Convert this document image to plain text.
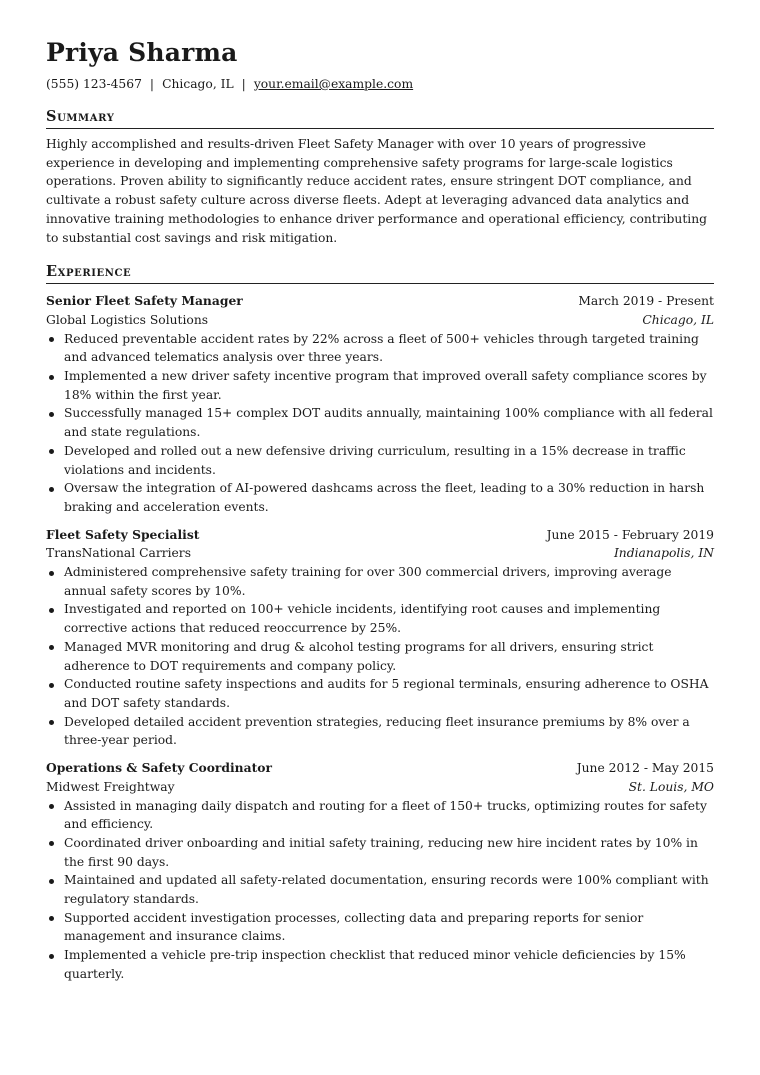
Priya Sharma
(555) 123-4567 | Chicago, IL | your.email@example.com
Summary

Highly accomplished and results-driven Fleet Safety Manager with over 10 years of progressive experience in developing and implementing comprehensive safety programs for large-scale logistics operations. Proven ability to significantly reduce accident rates, ensure stringent DOT compliance, and cultivate a robust safety culture across diverse fleets. Adept at leveraging advanced data analytics and innovative training methodologies to enhance driver performance and operational efficiency, contributing to substantial cost savings and risk mitigation.

Experience
Senior Fleet Safety Manager	March 2019 - Present
Global Logistics Solutions	Chicago, IL
Reduced preventable accident rates by 22% across a fleet of 500+ vehicles through targeted training and advanced telematics analysis over three years.
Implemented a new driver safety incentive program that improved overall safety compliance scores by 18% within the first year.
Successfully managed 15+ complex DOT audits annually, maintaining 100% compliance with all federal and state regulations.
Developed and rolled out a new defensive driving curriculum, resulting in a 15% decrease in traffic violations and incidents.
Oversaw the integration of AI-powered dashcams across the fleet, leading to a 30% reduction in harsh braking and acceleration events.
Fleet Safety Specialist	June 2015 - February 2019
TransNational Carriers	Indianapolis, IN
Administered comprehensive safety training for over 300 commercial drivers, improving average annual safety scores by 10%.
Investigated and reported on 100+ vehicle incidents, identifying root causes and implementing corrective actions that reduced reoccurrence by 25%.
Managed MVR monitoring and drug & alcohol testing programs for all drivers, ensuring strict adherence to DOT requirements and company policy.
Conducted routine safety inspections and audits for 5 regional terminals, ensuring adherence to OSHA and DOT safety standards.
Developed detailed accident prevention strategies, reducing fleet insurance premiums by 8% over a three-year period.
Operations & Safety Coordinator	June 2012 - May 2015
Midwest Freightway	St. Louis, MO
Assisted in managing daily dispatch and routing for a fleet of 150+ trucks, optimizing routes for safety and efficiency.
Coordinated driver onboarding and initial safety training, reducing new hire incident rates by 10% in the first 90 days.
Maintained and updated all safety-related documentation, ensuring records were 100% compliant with regulatory standards.
Supported accident investigation processes, collecting data and preparing reports for senior management and insurance claims.
Implemented a vehicle pre-trip inspection checklist that reduced minor vehicle deficiencies by 15% quarterly.
